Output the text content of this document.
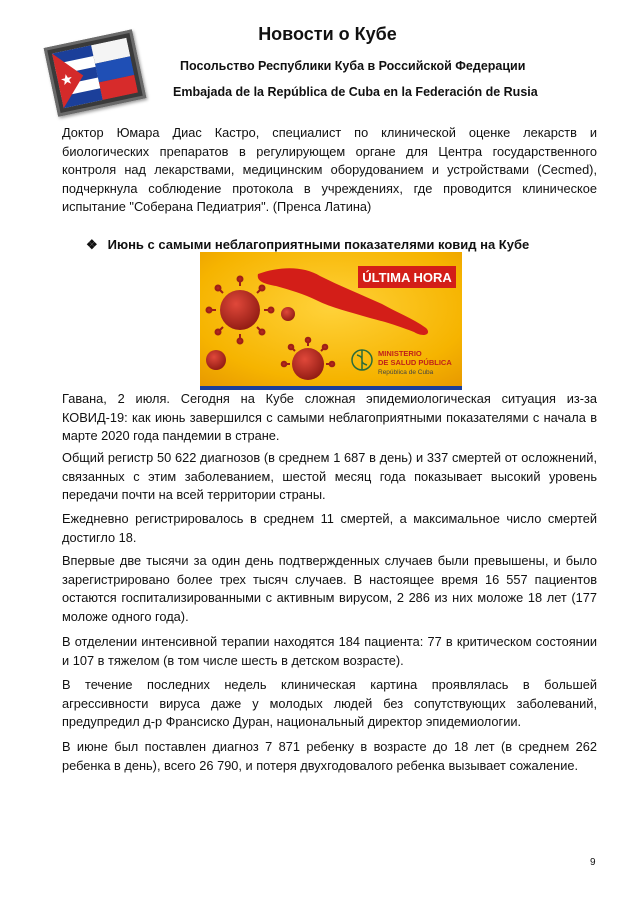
Новости о Кубе
Посольство Республики Куба в Российской Федерации
Embajada de la República de Cuba en la Federación de Rusia
Доктор Юмара Диас Кастро, специалист по клинической оценке лекарств и биологических препаратов в регулирующем органе для Центра государственного контроля над лекарствами, медицинским оборудованием и устройствами (Cecmed), подчеркнула соблюдение протокола в учреждениях, где проводится клиническое испытание "Соберана Педиатрия". (Пренса Латина)
❖ Июнь с самыми неблагоприятными показателями ковид на Кубе
ÚLTIMA HORA
MINISTERIO
DE SALUD PÚBLICA
República de Cuba
Гавана, 2 июля. Сегодня на Кубе сложная эпидемиологическая ситуация из-за КОВИД-19: как июнь завершился с самыми неблагоприятными показателями с начала в марте 2020 года пандемии в стране.
Общий регистр 50 622 диагнозов (в среднем 1 687 в день) и 337 смертей от осложнений, связанных с этим заболеванием, шестой месяц года показывает высокий уровень передачи почти на всей территории страны.
Ежедневно регистрировалось в среднем 11 смертей, а максимальное число смертей достигло 18.
Впервые две тысячи за один день подтвержденных случаев были превышены, и было зарегистрировано более трех тысяч случаев. В настоящее время 16 557 пациентов остаются госпитализированными с активным вирусом, 2 286 из них моложе 18 лет (177 моложе одного года).
В отделении интенсивной терапии находятся 184 пациента: 77 в критическом состоянии и 107 в тяжелом (в том числе шесть в детском возрасте).
В течение последних недель клиническая картина проявлялась в большей агрессивности вируса даже у молодых людей без сопутствующих заболеваний, предупредил д-р Франсиско Дуран, национальный директор эпидемиологии.
В июне был поставлен диагноз 7 871 ребенку в возрасте до 18 лет (в среднем 262 ребенка в день), всего 26 790, и потеря двухгодовалого ребенка вызывает сожаление.
9
